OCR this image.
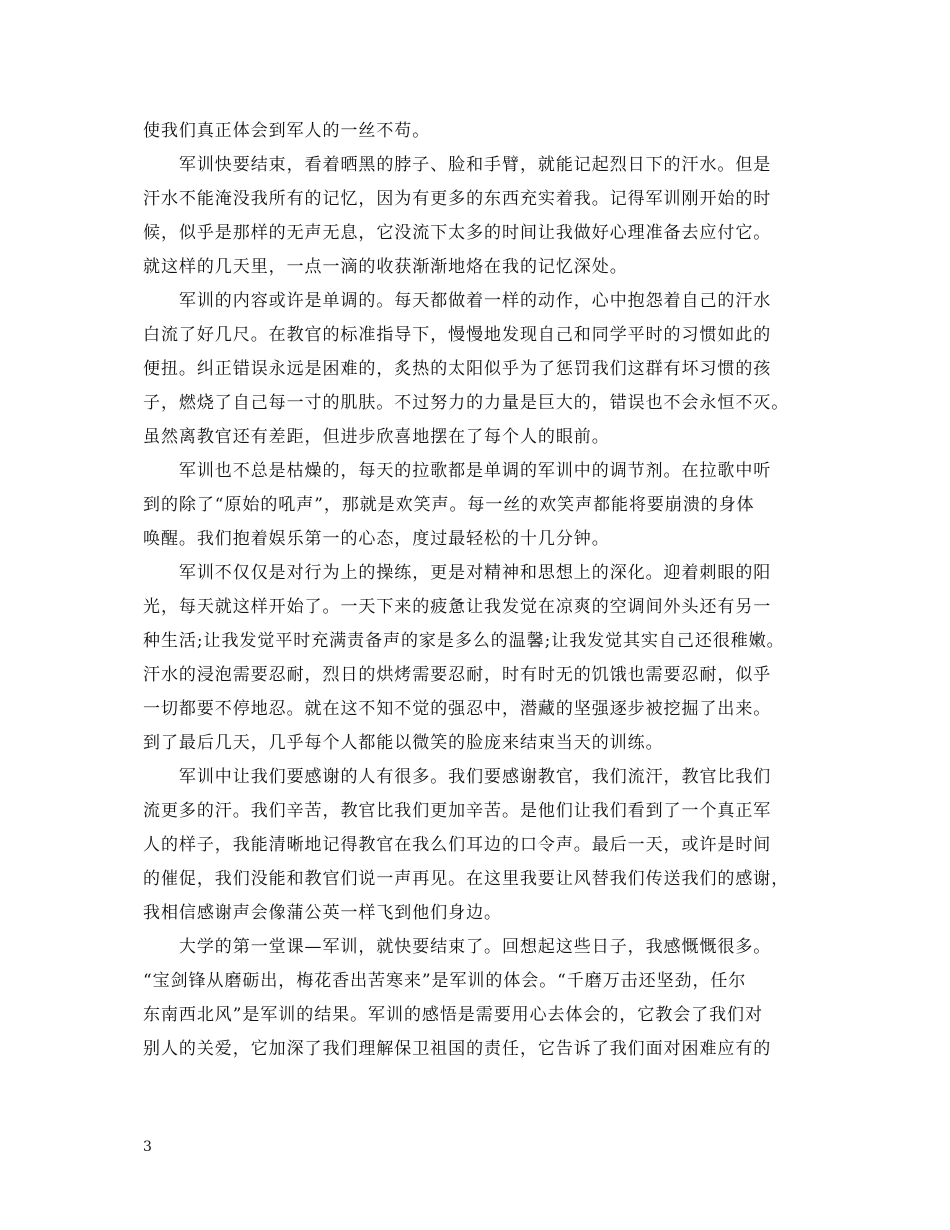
使我们真正体会到军人的一丝不苟。
　　军训快要结束，看着晒黑的脖子、脸和手臂，就能记起烈日下的汗水。但是
汗水不能淹没我所有的记忆，因为有更多的东西充实着我。记得军训刚开始的时
候，似乎是那样的无声无息，它没流下太多的时间让我做好心理准备去应付它。
就这样的几天里，一点一滴的收获渐渐地烙在我的记忆深处。
　　军训的内容或许是单调的。每天都做着一样的动作，心中抱怨着自己的汗水
白流了好几尺。在教官的标准指导下，慢慢地发现自己和同学平时的习惯如此的
便扭。纠正错误永远是困难的，炙热的太阳似乎为了惩罚我们这群有坏习惯的孩
子，燃烧了自己每一寸的肌肤。不过努力的力量是巨大的，错误也不会永恒不灭。
虽然离教官还有差距，但进步欣喜地摆在了每个人的眼前。
　　军训也不总是枯燥的，每天的拉歌都是单调的军训中的调节剂。在拉歌中听
到的除了“原始的吼声”，那就是欢笑声。每一丝的欢笑声都能将要崩溃的身体
唤醒。我们抱着娱乐第一的心态，度过最轻松的十几分钟。
　　军训不仅仅是对行为上的操练，更是对精神和思想上的深化。迎着刺眼的阳
光，每天就这样开始了。一天下来的疲惫让我发觉在凉爽的空调间外头还有另一
种生活;让我发觉平时充满责备声的家是多么的温馨;让我发觉其实自己还很稚嫩。
汗水的浸泡需要忍耐，烈日的烘烤需要忍耐，时有时无的饥饿也需要忍耐，似乎
一切都要不停地忍。就在这不知不觉的强忍中，潜藏的坚强逐步被挖掘了出来。
到了最后几天，几乎每个人都能以微笑的脸庞来结束当天的训练。
　　军训中让我们要感谢的人有很多。我们要感谢教官，我们流汗，教官比我们
流更多的汗。我们辛苦，教官比我们更加辛苦。是他们让我们看到了一个真正军
人的样子，我能清晰地记得教官在我么们耳边的口令声。最后一天，或许是时间
的催促，我们没能和教官们说一声再见。在这里我要让风替我们传送我们的感谢，
我相信感谢声会像蒲公英一样飞到他们身边。
　　大学的第一堂课—军训，就快要结束了。回想起这些日子，我感慨慨很多。
“宝剑锋从磨砺出，梅花香出苦寒来”是军训的体会。“千磨万击还坚劲，任尔
东南西北风”是军训的结果。军训的感悟是需要用心去体会的，它教会了我们对
别人的关爱，它加深了我们理解保卫祖国的责任，它告诉了我们面对困难应有的
3
